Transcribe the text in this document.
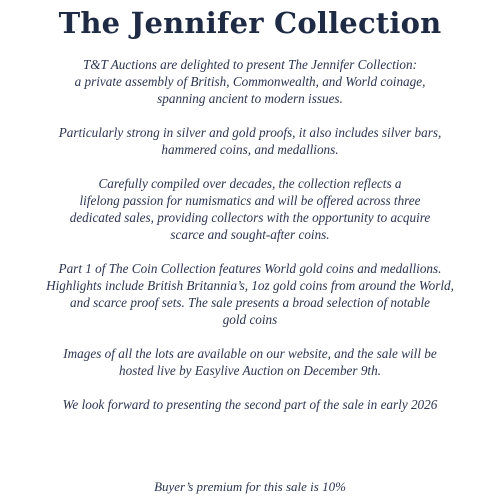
The Jennifer Collection

T&T Auctions are delighted to present The Jennifer Collection:
a private assembly of British, Commonwealth, and World coinage,
spanning ancient to modern issues.

Particularly strong in silver and gold proofs, it also includes silver bars,
hammered coins, and medallions.

Carefully compiled over decades, the collection reflects a
lifelong passion for numismatics and will be offered across three
dedicated sales, providing collectors with the opportunity to acquire
scarce and sought-after coins.

Part 1 of The Coin Collection features World gold coins and medallions.
Highlights include British Britannia’s, 1oz gold coins from around the World,
and scarce proof sets. The sale presents a broad selection of notable
gold coins

Images of all the lots are available on our website, and the sale will be
hosted live by Easylive Auction on December 9th.

We look forward to presenting the second part of the sale in early 2026

Buyer’s premium for this sale is 10%
